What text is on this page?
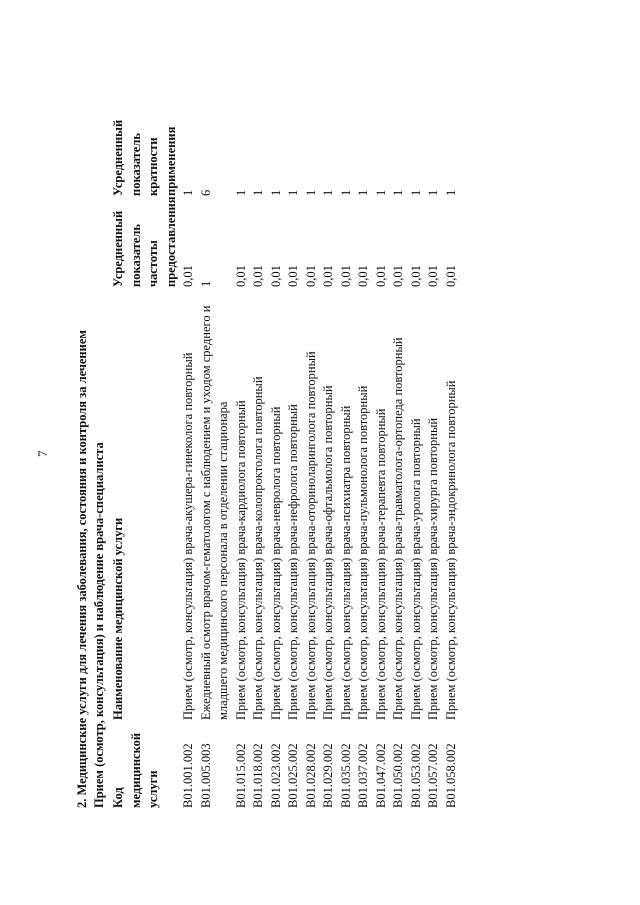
7 2. Медицинские услуги для лечения заболевания, состояния и контроля за лечением Прием (осмотр, консультация) и наблюдение врача-специалиста Код медицинской услуги	Наименование медицинской услуги	Усредненный показатель частоты предоставления	Усредненный показатель кратности применения

B01.001.002	Прием (осмотр, консультация) врача-акушера-гинеколога повторный	0,01	1
B01.005.003	Ежедневный осмотр врачом-гематологом с наблюдением и уходом среднего и младшего медицинского персонала в отделении стационара	1	6
B01.015.002	Прием (осмотр, консультация) врача-кардиолога повторный	0,01	1
B01.018.002	Прием (осмотр, консультация) врача-колопроктолога повторный	0,01	1
B01.023.002	Прием (осмотр, консультация) врача-невролога повторный	0,01	1
B01.025.002	Прием (осмотр, консультация) врача-нефролога повторный	0,01	1
B01.028.002	Прием (осмотр, консультация) врача-оториноларинголога повторный	0,01	1
B01.029.002	Прием (осмотр, консультация) врача-офтальмолога повторный	0,01	1
B01.035.002	Прием (осмотр, консультация) врача-психиатра повторный	0,01	1
B01.037.002	Прием (осмотр, консультация) врача-пульмонолога повторный	0,01	1
B01.047.002	Прием (осмотр, консультация) врача-терапевта повторный	0,01	1
B01.050.002	Прием (осмотр, консультация) врача-травматолога-ортопеда повторный	0,01	1
B01.053.002	Прием (осмотр, консультация) врача-уролога повторный	0,01	1
B01.057.002	Прием (осмотр, консультация) врача-хирурга повторный	0,01	1
B01.058.002	Прием (осмотр, консультация) врача-эндокринолога повторный	0,01	1
